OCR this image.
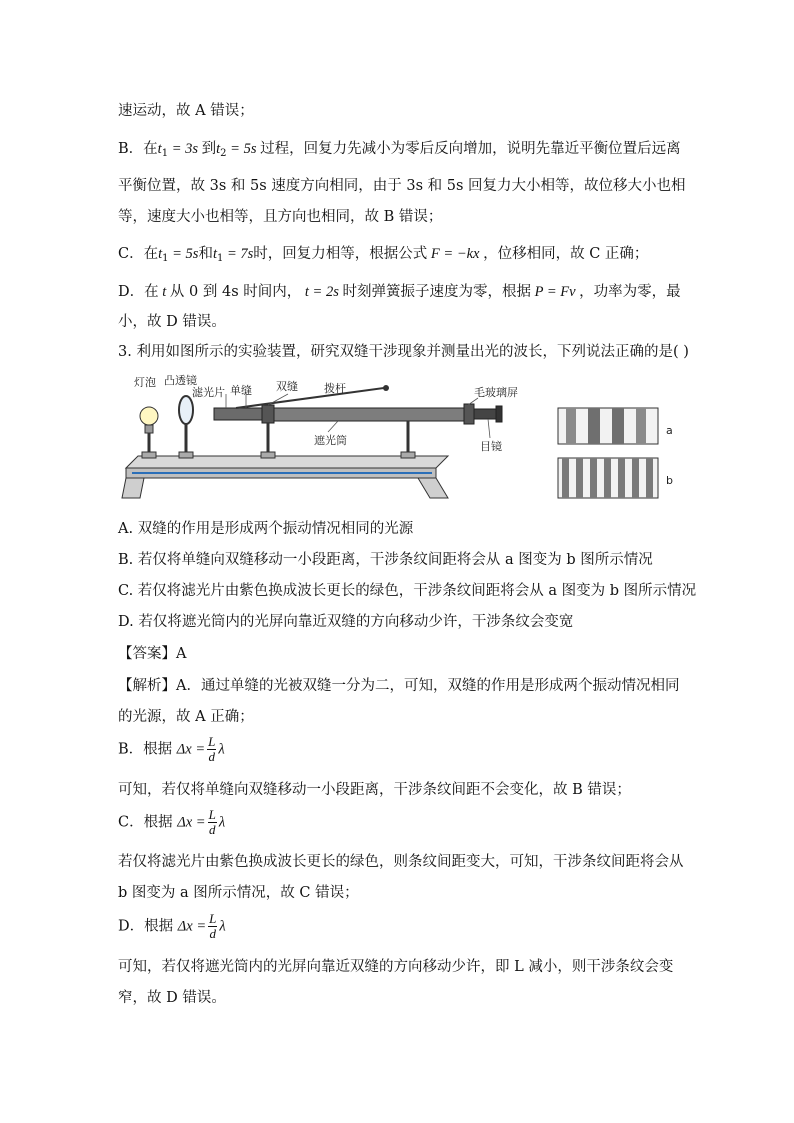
速运动，故 A 错误；
B．在$t_1 = 3s$ 到$t_2 = 5s$ 过程，回复力先减小为零后反向增加，说明先靠近平衡位置后远离
平衡位置，故 3s 和 5s 速度方向相同，由于 3s 和 5s 回复力大小相等，故位移大小也相
等，速度大小也相等，且方向也相同，故 B 错误；
C．在$t_1 = 5s$和$t_1 = 7s$时，回复力相等，根据公式 F = −kx ，位移相同，故 C 正确；
D．在 t 从 0 到 4s 时间内， t = 2s 时刻弹簧振子速度为零，根据 P = Fv ，功率为零，最
小，故 D 错误。
3. 利用如图所示的实验装置，研究双缝干涉现象并测量出光的波长，下列说法正确的是( )
灯泡 凸透镜
滤光片 单缝 双缝 拨杆	毛玻璃屏
遮光筒	目镜
a
b
A. 双缝的作用是形成两个振动情况相同的光源
B. 若仅将单缝向双缝移动一小段距离，干涉条纹间距将会从 a 图变为 b 图所示情况
C. 若仅将滤光片由紫色换成波长更长的绿色，干涉条纹间距将会从 a 图变为 b 图所示情况
D. 若仅将遮光筒内的光屏向靠近双缝的方向移动少许，干涉条纹会变宽
【答案】A
【解析】A．通过单缝的光被双缝一分为二，可知，双缝的作用是形成两个振动情况相同
的光源，故 A 正确；
B．根据 $\Delta x = \frac{L}{d}$ λ
可知，若仅将单缝向双缝移动一小段距离，干涉条纹间距不会变化，故 B 错误；
C．根据 $\Delta x = \frac{L}{d}$ λ
若仅将滤光片由紫色换成波长更长的绿色，则条纹间距变大，可知，干涉条纹间距将会从
b 图变为 a 图所示情况，故 C 错误；
D．根据 $\Delta x = \frac{L}{d}$ λ
可知，若仅将遮光筒内的光屏向靠近双缝的方向移动少许，即 L 减小，则干涉条纹会变
窄，故 D 错误。
